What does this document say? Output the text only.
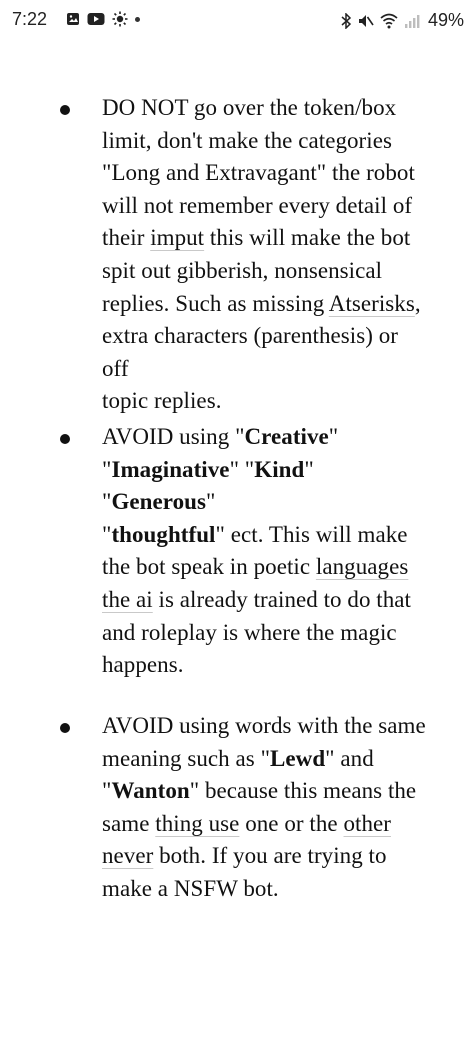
7:22	49%
DO NOT go over the token/box
limit, don't make the categories
"Long and Extravagant" the robot
will not remember every detail of
their imput this will make the bot
spit out gibberish, nonsensical
replies. Such as missing Atserisks,
extra characters (parenthesis) or off
topic replies.
AVOID using "Creative"
"Imaginative" "Kind" "Generous"
"thoughtful" ect. This will make
the bot speak in poetic languages
the ai is already trained to do that
and roleplay is where the magic
happens.
AVOID using words with the same
meaning such as "Lewd" and
"Wanton" because this means the
same thing use one or the other
never both. If you are trying to
make a NSFW bot.
